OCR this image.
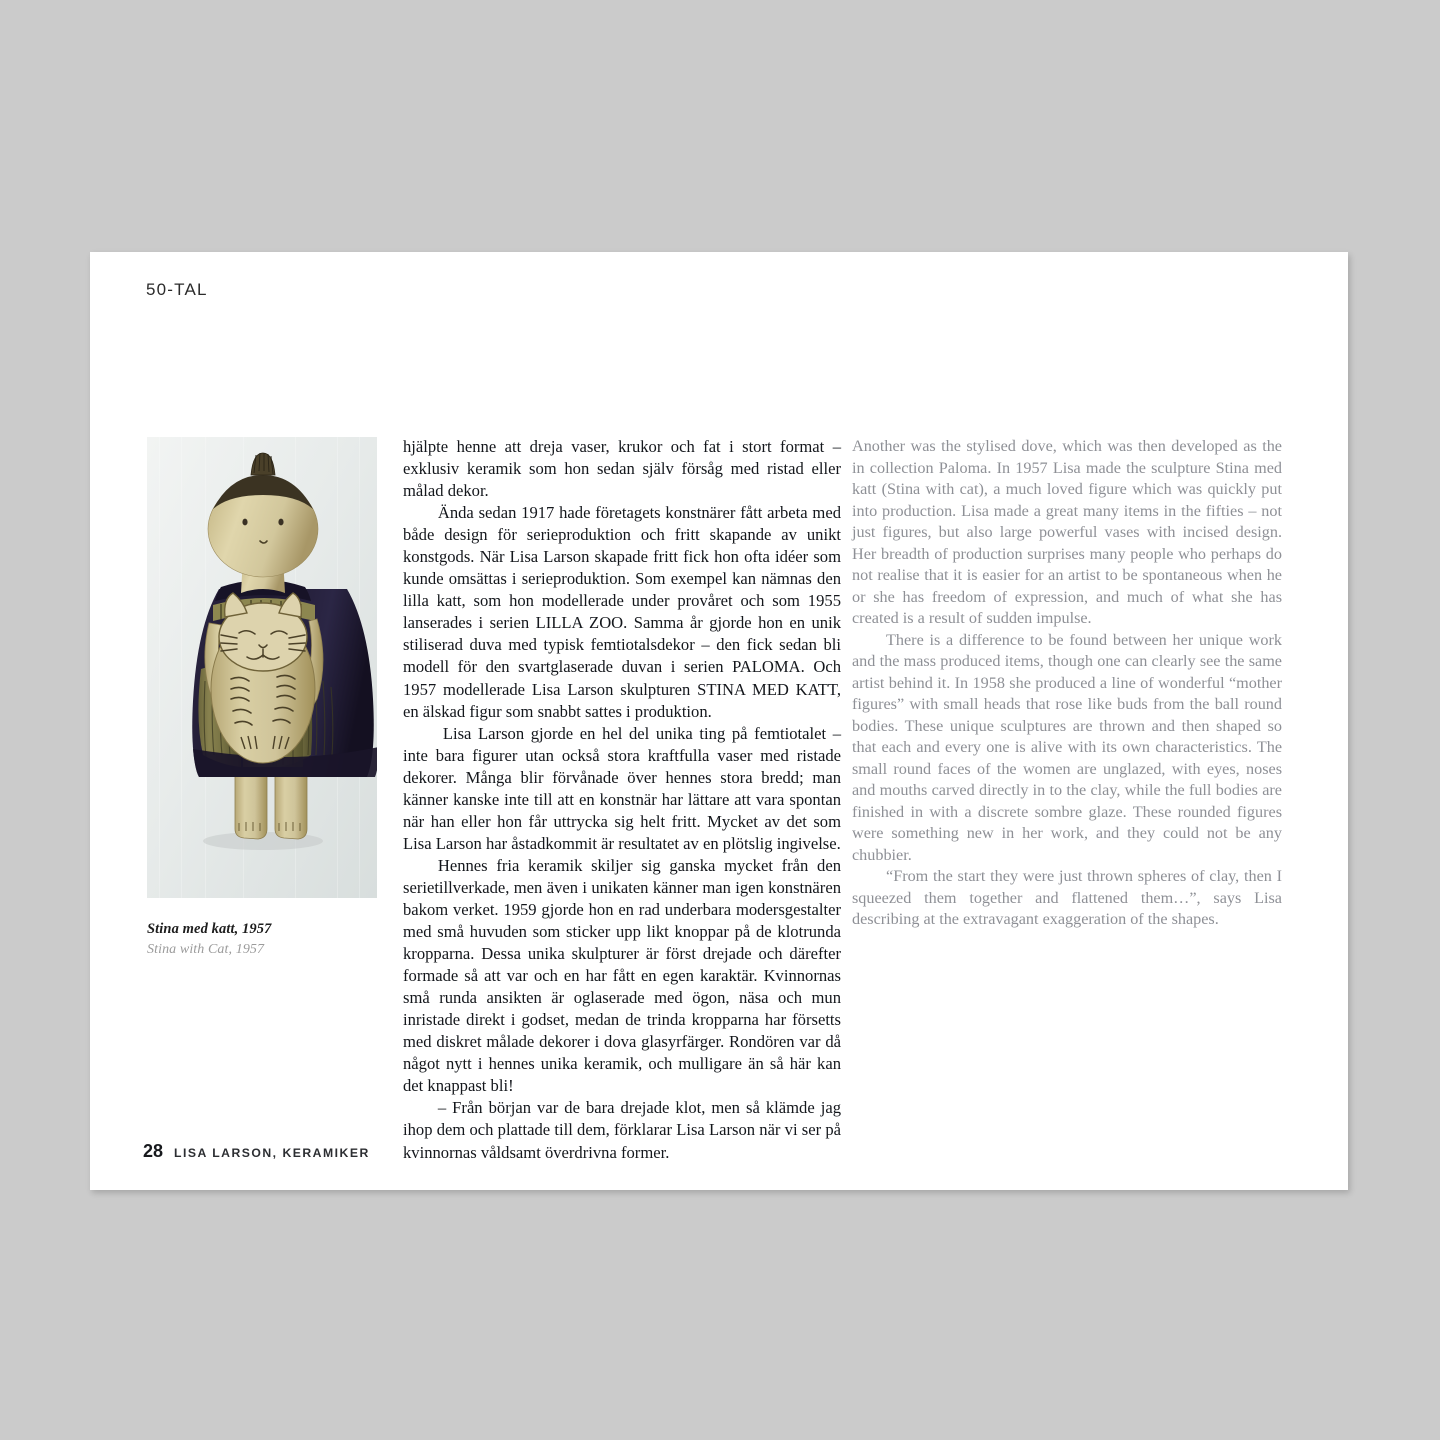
50-TAL
Stina med katt, 1957
Stina with Cat, 1957

hjälpte henne att dreja vaser, krukor och fat i stort format – exklusiv keramik som hon sedan själv försåg med ristad eller målad dekor.

Ända sedan 1917 hade företagets konstnärer fått arbeta med både design för serieproduktion och fritt skapande av unikt konstgods. När Lisa Larson skapade fritt fick hon ofta idéer som kunde omsättas i serieproduktion. Som exempel kan nämnas den lilla katt, som hon modellerade under provåret och som 1955 lanserades i serien LILLA ZOO. Samma år gjorde hon en unik stiliserad duva med typisk femtiotalsdekor – den fick sedan bli modell för den svartglaserade duvan i serien PALOMA. Och 1957 modellerade Lisa Larson skulpturen STINA MED KATT, en älskad figur som snabbt sattes i produktion.

Lisa Larson gjorde en hel del unika ting på femtiotalet – inte bara figurer utan också stora kraftfulla vaser med ristade dekorer. Många blir förvånade över hennes stora bredd; man känner kanske inte till att en konstnär har lättare att vara spontan när han eller hon får uttrycka sig helt fritt. Mycket av det som Lisa Larson har åstadkommit är resultatet av en plötslig ingivelse.

Hennes fria keramik skiljer sig ganska mycket från den serietillverkade, men även i unikaten känner man igen konstnären bakom verket. 1959 gjorde hon en rad underbara modersgestalter med små huvuden som sticker upp likt knoppar på de klotrunda kropparna. Dessa unika skulpturer är först drejade och därefter formade så att var och en har fått en egen karaktär. Kvinnornas små runda ansikten är oglaserade med ögon, näsa och mun inristade direkt i godset, medan de trinda kropparna har försetts med diskret målade dekorer i dova glasyrfärger. Rondören var då något nytt i hennes unika keramik, och mulligare än så här kan det knappast bli!

– Från början var de bara drejade klot, men så klämde jag ihop dem och plattade till dem, förklarar Lisa Larson när vi ser på kvinnornas våldsamt överdrivna former.

Another was the stylised dove, which was then developed as the in collection Paloma. In 1957 Lisa made the sculpture Stina med katt (Stina with cat), a much loved figure which was quickly put into production. Lisa made a great many items in the fifties – not just figures, but also large powerful vases with incised design. Her breadth of production surprises many people who perhaps do not realise that it is easier for an artist to be spontaneous when he or she has freedom of expression, and much of what she has created is a result of sudden impulse.

There is a difference to be found between her unique work and the mass produced items, though one can clearly see the same artist behind it. In 1958 she produced a line of wonderful “mother figures” with small heads that rose like buds from the ball round bodies. These unique sculptures are thrown and then shaped so that each and every one is alive with its own characteristics. The small round faces of the women are unglazed, with eyes, noses and mouths carved directly in to the clay, while the full bodies are finished in with a discrete sombre glaze. These rounded figures were something new in her work, and they could not be any chubbier.

“From the start they were just thrown spheres of clay, then I squeezed them together and flattened them…”, says Lisa describing at the extravagant exaggeration of the shapes.

28 LISA LARSON, KERAMIKER
